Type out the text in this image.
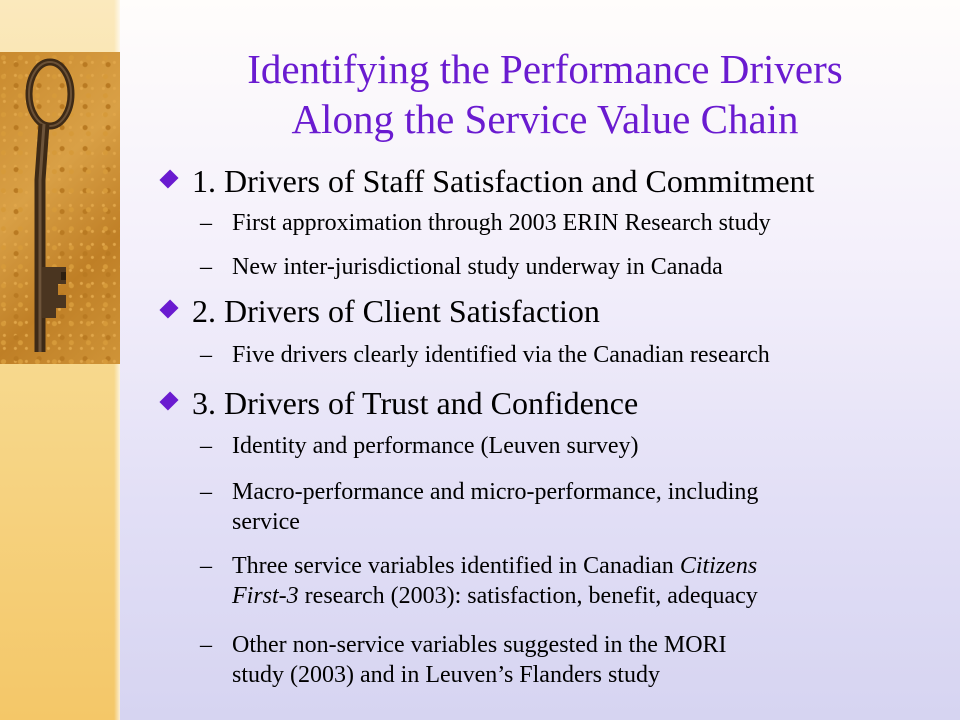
Identifying the Performance Drivers
Along the Service Value Chain
1. Drivers of Staff Satisfaction and Commitment
– First approximation through 2003 ERIN Research study
– New inter-jurisdictional study underway in Canada
2. Drivers of Client Satisfaction
– Five drivers clearly identified via the Canadian research
3. Drivers of Trust and Confidence
– Identity and performance (Leuven survey)
– Macro-performance and micro-performance, including
service
– Three service variables identified in Canadian Citizens
First-3 research (2003): satisfaction, benefit, adequacy
– Other non-service variables suggested in the MORI
study (2003) and in Leuven’s Flanders study
